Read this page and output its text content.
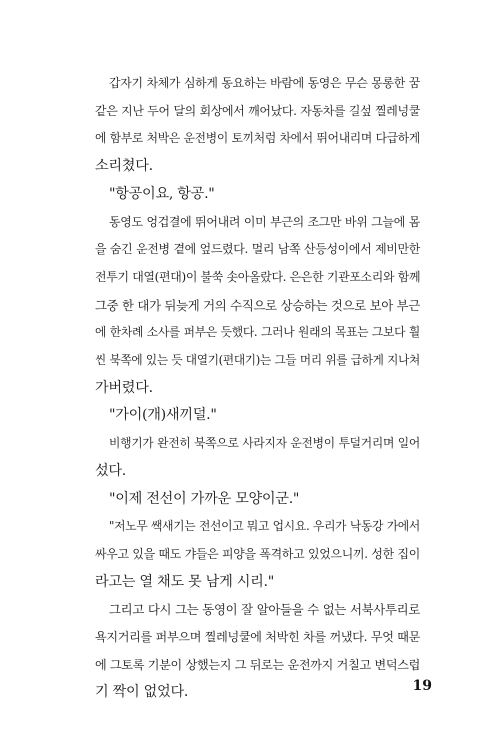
갑자기 차체가 심하게 동요하는 바람에 동영은 무슨 몽롱한 꿈
같은 지난 두어 달의 회상에서 깨어났다. 자동차를 길섶 찔레넝쿨
에 함부로 처박은 운전병이 토끼처럼 차에서 뛰어내리며 다급하게
소리쳤다.
"항공이요, 항공."
동영도 엉겁결에 뛰어내려 이미 부근의 조그만 바위 그늘에 몸
을 숨긴 운전병 곁에 엎드렸다. 멀리 남쪽 산등성이에서 제비만한
전투기 대열(편대)이 불쑥 솟아올랐다. 은은한 기관포소리와 함께
그중 한 대가 뒤늦게 거의 수직으로 상승하는 것으로 보아 부근
에 한차례 소사를 퍼부은 듯했다. 그러나 원래의 목표는 그보다 훨
씬 북쪽에 있는 듯 대열기(편대기)는 그들 머리 위를 급하게 지나쳐
가버렸다.
"가이(개)새끼덜."
비행기가 완전히 북쪽으로 사라지자 운전병이 투덜거리며 일어
섰다.
"이제 전선이 가까운 모양이군."
"저노무 쌕새기는 전선이고 뭐고 업시요. 우리가 낙동강 가에서
싸우고 있을 때도 갸들은 피양을 폭격하고 있었으니끼. 성한 집이
라고는 열 채도 못 남게 시리."
그리고 다시 그는 동영이 잘 알아들을 수 없는 서북사투리로
욕지거리를 퍼부으며 찔레넝쿨에 처박힌 차를 꺼냈다. 무엇 때문
에 그토록 기분이 상했는지 그 뒤로는 운전까지 거칠고 변덕스럽
기 짝이 없었다.	19
